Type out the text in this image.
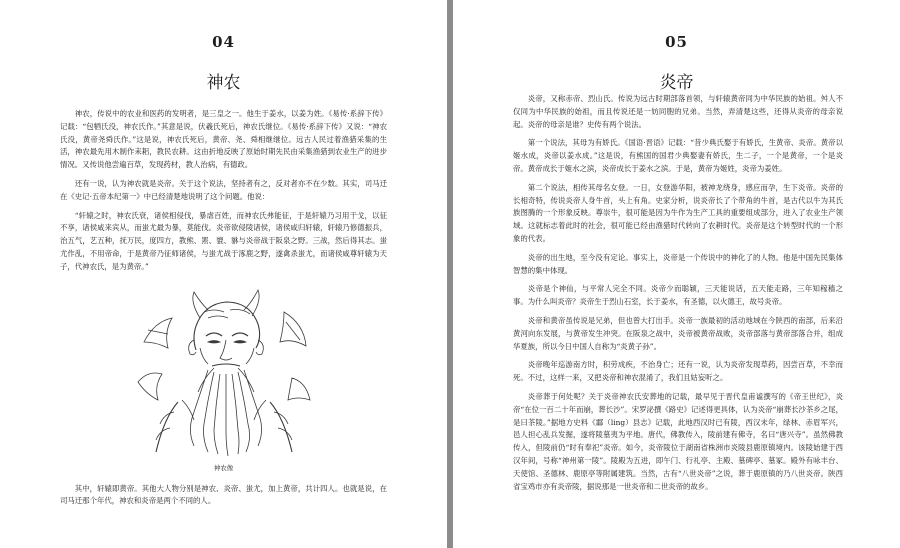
04
神农

神农，传说中的农业和医药的发明者，是三皇之一。他生于姜水，以姜为姓。《易传·系辞下传》记载：“包牺氏没，神农氏作。”其意是说，伏羲氏死后，神农氏继位。《易传·系辞下传》又说：“神农氏没，黄帝尧舜氏作。”这是说，神农氏死后，黄帝、尧、舜相继继位。远古人民过着渔猎采集的生活，神农最先用木制作耒耜，教民农耕。这由折地反映了原始时期先民由采集渔猎到农业生产的进步情况。又传说他尝遍百草，发现药材，教人治病，有德政。

还有一说，认为神农就是炎帝。关于这个说法，坚持者有之，反对者亦不在少数。其实，司马迁在《史记·五帝本纪第一》中已经清楚地说明了这个问题。他说：

“轩辕之时，神农氏衰，诸侯相侵伐，暴虐百姓，而神农氏弗能征，于是轩辕乃习用干戈，以征不享，诸侯咸来宾从，而蚩尤最为暴，莫能伐。炎帝欲侵陵诸侯，诸侯咸归轩辕，轩辕乃修德振兵，治五气，艺五种，抚万民，度四方，教熊、罴、貔、貅与炎帝战于阪泉之野。三战，然后得其志。蚩尤作乱，不用帝命，于是黄帝乃征师诸侯，与蚩尤战于涿鹿之野，遂禽杀蚩尤，而诸侯咸尊轩辕为天子，代神农氏，是为黄帝。”

神农像

其中，轩辕即黄帝。其他大人物分别是神农、炎帝、蚩尤，加上黄帝，共计四人。也就是说，在司马迁那个年代，神农和炎帝是两个不同的人。

05
炎帝

炎帝，又称赤帝、烈山氏。传说为远古时期部落首领，与轩辕黄帝同为中华民族的始祖。舛人不仅同为中华民族的始祖，而且传说还是一妨同胞的兄弟。当然，弄清楚这些，还得从炎帝的母亲说起。炎帝的母亲是谁？史传有两个说法。

第一个说法，其母为有娇氏。《国语·晋语》记载：“昔少典氏娶于有娇氏，生黄帝、炎帝。黄帝以姬水成，炎帝以姜水成。”这是说，有熊国的国君少典娶妻有娇氏，生二子，一个是黄帝，一个是炎帝。黄帝成长于姬水之滨，炎帝成长于姜水之滨。于是，黄帝为姬姓，炎帝为姜姓。

第二个说法，相传其母名女登。一日，女登游华阳，被神龙绕身，感应而孕，生下炎帝。炎帝的长相奇特，传说炎帝人身牛首，头上有角。史家分析，说炎帝长了个带角的牛首，是古代以牛为其氏族图腾的一个形象反映。尊崇牛，很可能是因为牛作为生产工具的重要组成部分，进入了农业生产领域。这就标志着此时的社会，很可能已经由渔猎时代转向了农耕时代。炎帝是这个转型时代的一个形象的代表。

炎帝的出生地，至今没有定论。事实上，炎帝是一个传说中的神化了的人物。他是中国先民集体智慧的集中体现。

炎帝是个神仙，与平常人完全不同。炎帝少而聪颖，三天能说话，五天能走路，三年知稼穑之事。为什么叫炎帝？炎帝生于烈山石室，长于姜水，有圣德，以火德王，故号炎帝。

炎帝和黄帝虽传说是兄弟，但也曾大打出手。炎帝一族最初的活动地域在今陕西的南部，后来沿黄河向东发展，与黄帝发生冲突。在阪泉之战中，炎帝被黄帝战败，炎帝部落与黄帝部落合并，组成华夏族，所以今日中国人自称为“炎黄子孙”。

炎帝晚年巡游南方时，积劳成疾，不治身亡；还有一说，认为炎帝发现草药，因尝百草，不幸而死。不过，这样一来，又把炎帝和神农混淆了，我们且姑妄听之。

炎帝葬于何处呢？关于炎帝神农氏安葬地的记载，最早见于晋代皇甫谧撰写的《帝王世纪》，炎帝“在位一百二十年而崩，葬长沙”。宋罗泌撰《路史》记述得更具体，认为炎帝“崩葬长沙茶乡之尾，是曰茶陵。”据地方史料《酃（ling）县志》记载，此地西汉时已有陵，西汉末年，绿林、赤眉军兴，邑人担心乱兵发掘，遂将陵墓夷为平地。唐代，佛教传入，陵前建有佛寺，名曰“唐兴寺”。虽然佛教传入，但陵前仍“时有奉祀”炎帝。如今，炎帝陵位于湖南省株洲市炎陵县鹿原镇境内。该陵始建于西汉年间，号称“神州第一陵”。陵殿为五进，即午门、行礼亭、主殿、墓碑亭、墓冢。殿外有咏丰台、天使馆、圣德林、鹿原亭等附属建筑。当然，古有“八世炎帝”之说，葬于鹿原镇的乃八世炎帝。陕西省宝鸡市亦有炎帝陵，据说那是一世炎帝和二世炎帝的故乡。
